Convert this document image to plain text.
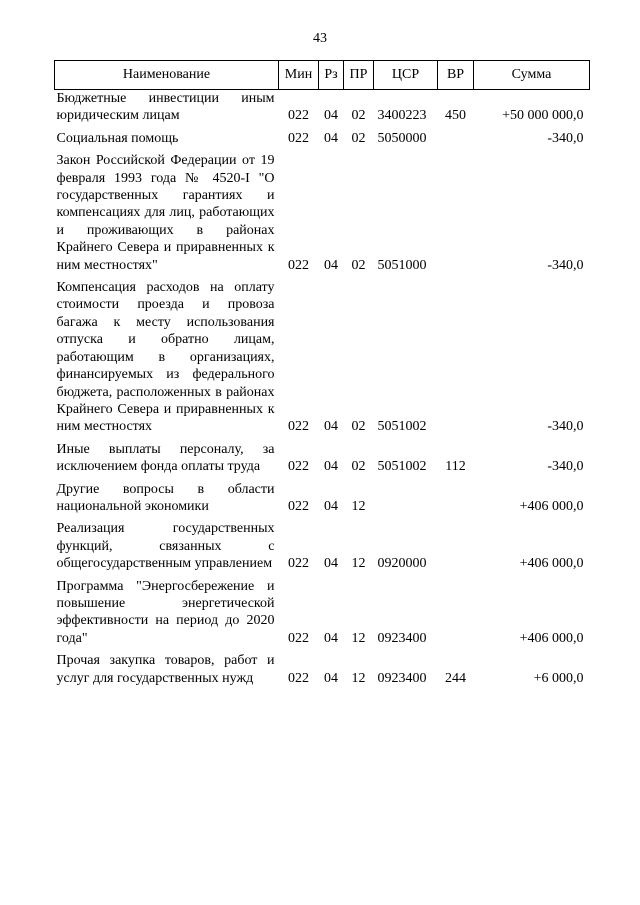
43
Наименование	Мин	Рз	ПР	ЦСР	ВР	Сумма
Бюджетные инвестиции иным юридическим лицам	022	04	02	3400223	450	+50 000 000,0
Социальная помощь	022	04	02	5050000		-340,0
Закон Российской Федерации от 19 февраля 1993 года № 4520-I "О государственных гарантиях и компенсациях для лиц, работающих и проживающих в районах Крайнего Севера и приравненных к ним местностях"	022	04	02	5051000		-340,0
Компенсация расходов на оплату стоимости проезда и провоза багажа к месту использования отпуска и обратно лицам, работающим в организациях, финансируемых из федерального бюджета, расположенных в районах Крайнего Севера и приравненных к ним местностях	022	04	02	5051002		-340,0
Иные выплаты персоналу, за исключением фонда оплаты труда	022	04	02	5051002	112	-340,0
Другие вопросы в области национальной экономики	022	04	12			+406 000,0
Реализация государственных функций, связанных с общегосударственным управлением	022	04	12	0920000		+406 000,0
Программа "Энергосбережение и повышение энергетической эффективности на период до 2020 года"	022	04	12	0923400		+406 000,0
Прочая закупка товаров, работ и услуг для государственных нужд	022	04	12	0923400	244	+6 000,0
